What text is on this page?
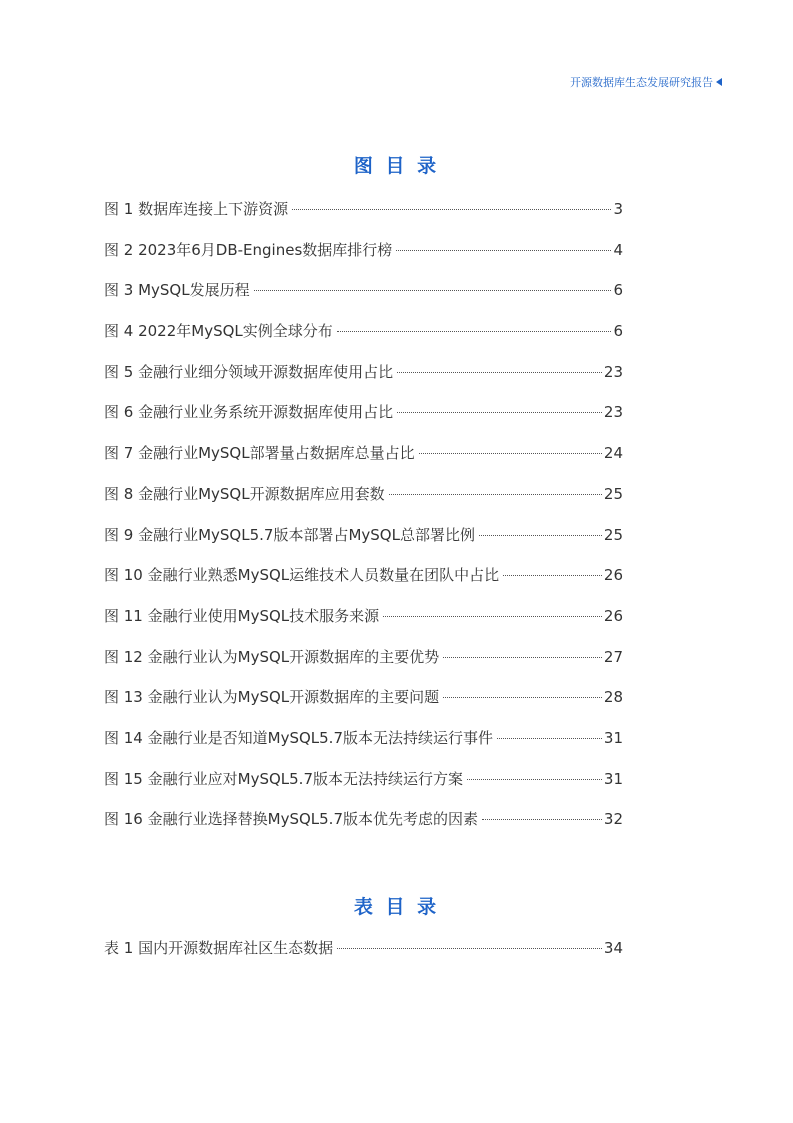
开源数据库生态发展研究报告
图 目 录
图 1 数据库连接上下游资源	3
图 2 2023年6月DB-Engines数据库排行榜	4
图 3 MySQL发展历程	6
图 4 2022年MySQL实例全球分布	6
图 5 金融行业细分领域开源数据库使用占比	23
图 6 金融行业业务系统开源数据库使用占比	23
图 7 金融行业MySQL部署量占数据库总量占比	24
图 8 金融行业MySQL开源数据库应用套数	25
图 9 金融行业MySQL5.7版本部署占MySQL总部署比例	25
图 10 金融行业熟悉MySQL运维技术人员数量在团队中占比	26
图 11 金融行业使用MySQL技术服务来源	26
图 12 金融行业认为MySQL开源数据库的主要优势	27
图 13 金融行业认为MySQL开源数据库的主要问题	28
图 14 金融行业是否知道MySQL5.7版本无法持续运行事件	31
图 15 金融行业应对MySQL5.7版本无法持续运行方案	31
图 16 金融行业选择替换MySQL5.7版本优先考虑的因素	32
表 目 录
表 1 国内开源数据库社区生态数据	34
